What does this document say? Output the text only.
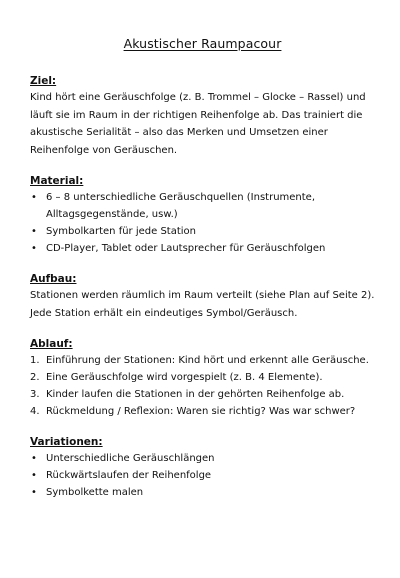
Akustischer Raumpacour
Ziel:

Kind hört eine Geräuschfolge (z. B. Trommel – Glocke – Rassel) und läuft sie im Raum in der richtigen Reihenfolge ab. Das trainiert die akustische Serialität – also das Merken und Umsetzen einer Reihenfolge von Geräuschen.

Material:
• 6 – 8 unterschiedliche Geräuschquellen (Instrumente, Alltagsgegenstände, usw.)
• Symbolkarten für jede Station
• CD-Player, Tablet oder Lautsprecher für Geräuschfolgen
Aufbau:

Stationen werden räumlich im Raum verteilt (siehe Plan auf Seite 2). Jede Station erhält ein eindeutiges Symbol/Geräusch.

Ablauf:
1. Einführung der Stationen: Kind hört und erkennt alle Geräusche.
2. Eine Geräuschfolge wird vorgespielt (z. B. 4 Elemente).
3. Kinder laufen die Stationen in der gehörten Reihenfolge ab.
4. Rückmeldung / Reflexion: Waren sie richtig? Was war schwer?
Variationen:
• Unterschiedliche Geräuschlängen
• Rückwärtslaufen der Reihenfolge
• Symbolkette malen
